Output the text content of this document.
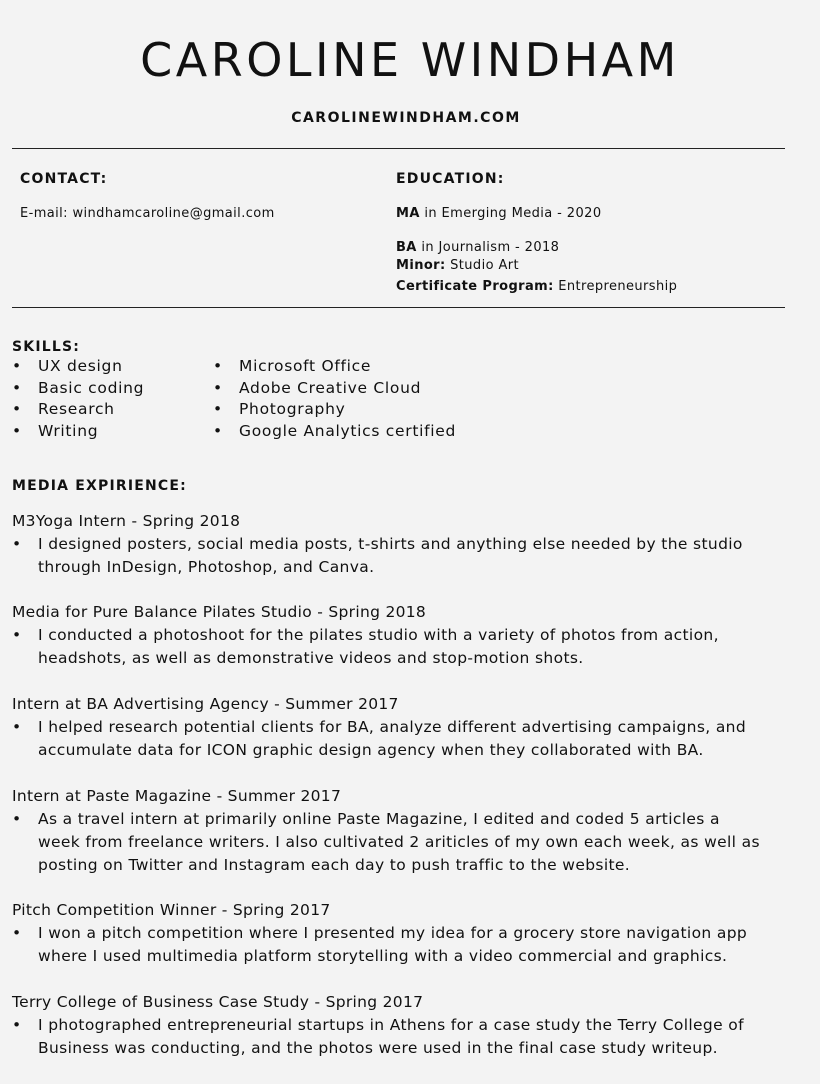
CAROLINE WINDHAM
CAROLINEWINDHAM.COM
CONTACT:
E-mail: windhamcaroline@gmail.com
EDUCATION:
MA in Emerging Media - 2020
BA in Journalism - 2018
Minor: Studio Art
Certificate Program: Entrepreneurship
SKILLS:
• UX design
• Basic coding
• Research
• Writing
• Microsoft Office
• Adobe Creative Cloud
• Photography
• Google Analytics certified
MEDIA EXPIRIENCE:
M3Yoga Intern - Spring 2018
• I designed posters, social media posts, t-shirts and anything else needed by the studio
through InDesign, Photoshop, and Canva.
Media for Pure Balance Pilates Studio - Spring 2018
• I conducted a photoshoot for the pilates studio with a variety of photos from action,
headshots, as well as demonstrative videos and stop-motion shots.
Intern at BA Advertising Agency - Summer 2017
• I helped research potential clients for BA, analyze different advertising campaigns, and
accumulate data for ICON graphic design agency when they collaborated with BA.
Intern at Paste Magazine - Summer 2017
• As a travel intern at primarily online Paste Magazine, I edited and coded 5 articles a
week from freelance writers. I also cultivated 2 ariticles of my own each week, as well as
posting on Twitter and Instagram each day to push traffic to the website.
Pitch Competition Winner - Spring 2017
• I won a pitch competition where I presented my idea for a grocery store navigation app
where I used multimedia platform storytelling with a video commercial and graphics.
Terry College of Business Case Study - Spring 2017
• I photographed entrepreneurial startups in Athens for a case study the Terry College of
Business was conducting, and the photos were used in the final case study writeup.
